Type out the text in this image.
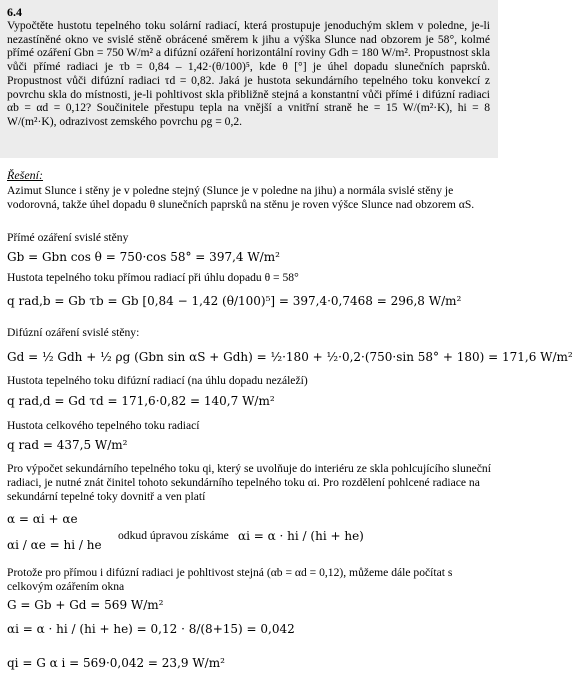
6.4
Vypočtěte hustotu tepelného toku solární radiací, která prostupuje jenoduchým sklem v poledne, je-li nezastíněné okno ve svislé stěně obrácené směrem k jihu a výška Slunce nad obzorem je 58°, kolmé přímé ozáření Gbn = 750 W/m² a difúzní ozáření horizontální roviny Gdh = 180 W/m². Propustnost skla vůči přímé radiaci je τb = 0,84 – 1,42·(θ/100)⁵, kde θ [°] je úhel dopadu slunečních paprsků. Propustnost vůči difúzní radiaci τd = 0,82. Jaká je hustota sekundárního tepelného toku konvekcí z povrchu skla do místnosti, je-li pohltivost skla přibližně stejná a konstantní vůči přímé i difúzní radiaci αb = αd = 0,12? Součinitele přestupu tepla na vnější a vnitřní straně he = 15 W/(m²·K), hi = 8 W/(m²·K), odrazivost zemského povrchu ρg = 0,2.
Řešení:
Azimut Slunce i stěny je v poledne stejný (Slunce je v poledne na jihu) a normála svislé stěny je vodorovná, takže úhel dopadu θ slunečních paprsků na stěnu je roven výšce Slunce nad obzorem αS.
Přímé ozáření svislé stěny
Gb = Gbn cos θ = 750·cos 58° = 397,4 W/m²
Hustota tepelného toku přímou radiací při úhlu dopadu θ = 58°
q rad,b = Gb τb = Gb [0,84 − 1,42 (θ/100)⁵] = 397,4·0,7468 = 296,8 W/m²
Difúzní ozáření svislé stěny:
Gd = ½ Gdh + ½ ρg (Gbn sin αS + Gdh) = ½·180 + ½·0,2·(750·sin 58° + 180) = 171,6 W/m²
Hustota tepelného toku difúzní radiací (na úhlu dopadu nezáleží)
q rad,d = Gd τd = 171,6·0,82 = 140,7 W/m²
Hustota celkového tepelného toku radiací
q rad = 437,5 W/m²
Pro výpočet sekundárního tepelného toku qi, který se uvolňuje do interiéru ze skla pohlcujícího sluneční radiaci, je nutné znát činitel tohoto sekundárního tepelného toku αi. Pro rozdělení pohlcené radiace na sekundární tepelné toky dovnitř a ven platí
α = αi + αe
αi / αe = hi / he
odkud úpravou získáme αi = α · hi / (hi + he)
Protože pro přímou i difúzní radiaci je pohltivost stejná (αb = αd = 0,12), můžeme dále počítat s celkovým ozářením okna
G = Gb + Gd = 569 W/m²
αi = α · hi / (hi + he) = 0,12 · 8/(8+15) = 0,042
qi = G α i = 569·0,042 = 23,9 W/m²
